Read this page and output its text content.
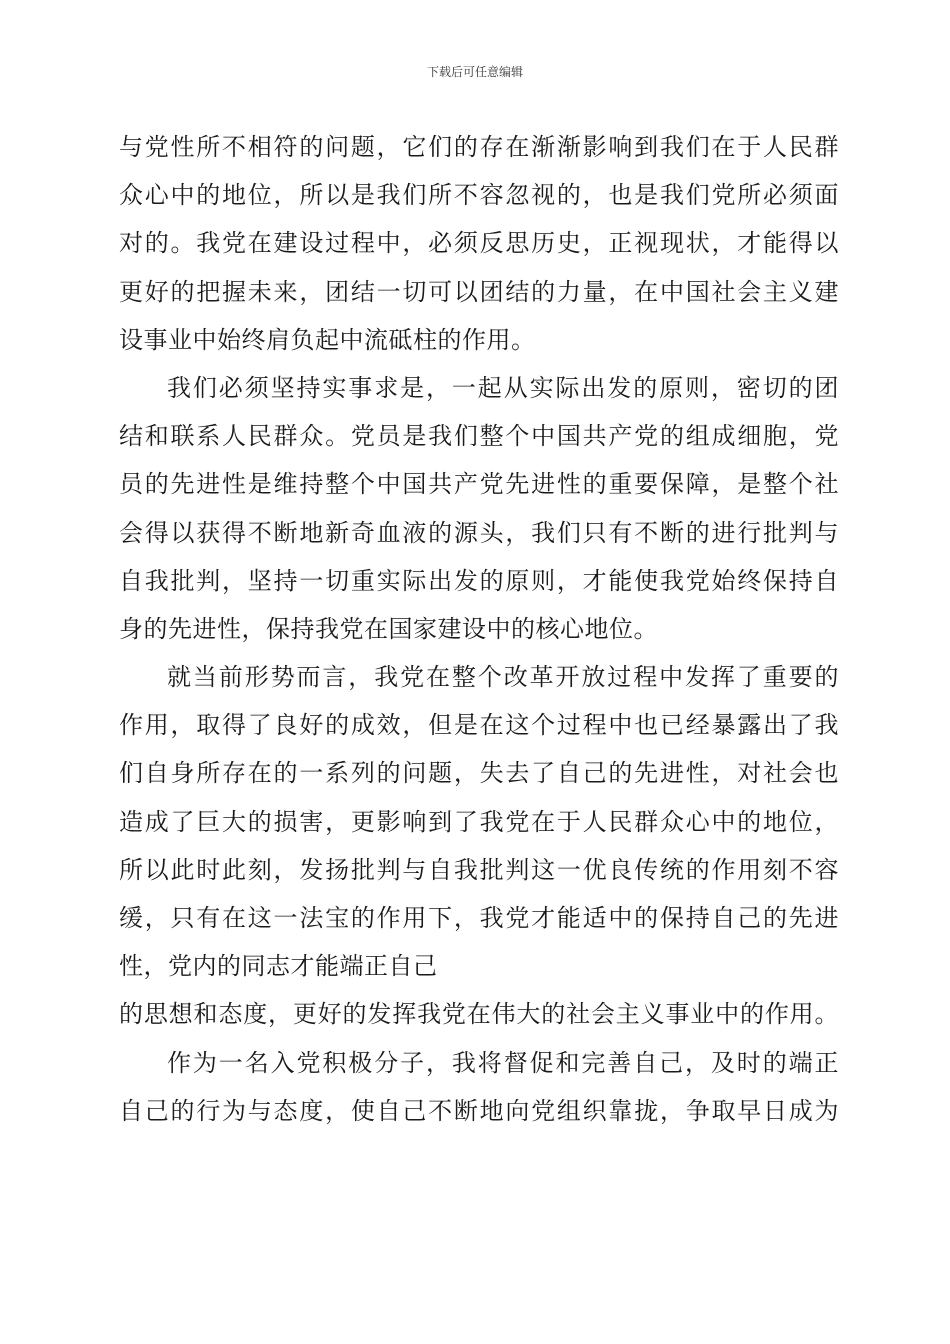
下载后可任意编辑
与党性所不相符的问题，它们的存在渐渐影响到我们在于人民群
众心中的地位，所以是我们所不容忽视的，也是我们党所必须面
对的。我党在建设过程中，必须反思历史，正视现状，才能得以
更好的把握未来，团结一切可以团结的力量，在中国社会主义建
设事业中始终肩负起中流砥柱的作用。
我们必须坚持实事求是，一起从实际出发的原则，密切的团
结和联系人民群众。党员是我们整个中国共产党的组成细胞，党
员的先进性是维持整个中国共产党先进性的重要保障，是整个社
会得以获得不断地新奇血液的源头，我们只有不断的进行批判与
自我批判，坚持一切重实际出发的原则，才能使我党始终保持自
身的先进性，保持我党在国家建设中的核心地位。
就当前形势而言，我党在整个改革开放过程中发挥了重要的
作用，取得了良好的成效，但是在这个过程中也已经暴露出了我
们自身所存在的一系列的问题，失去了自己的先进性，对社会也
造成了巨大的损害，更影响到了我党在于人民群众心中的地位，
所以此时此刻，发扬批判与自我批判这一优良传统的作用刻不容
缓，只有在这一法宝的作用下，我党才能适中的保持自己的先进
性，党内的同志才能端正自己
的思想和态度，更好的发挥我党在伟大的社会主义事业中的作用。
作为一名入党积极分子，我将督促和完善自己，及时的端正
自己的行为与态度，使自己不断地向党组织靠拢，争取早日成为
